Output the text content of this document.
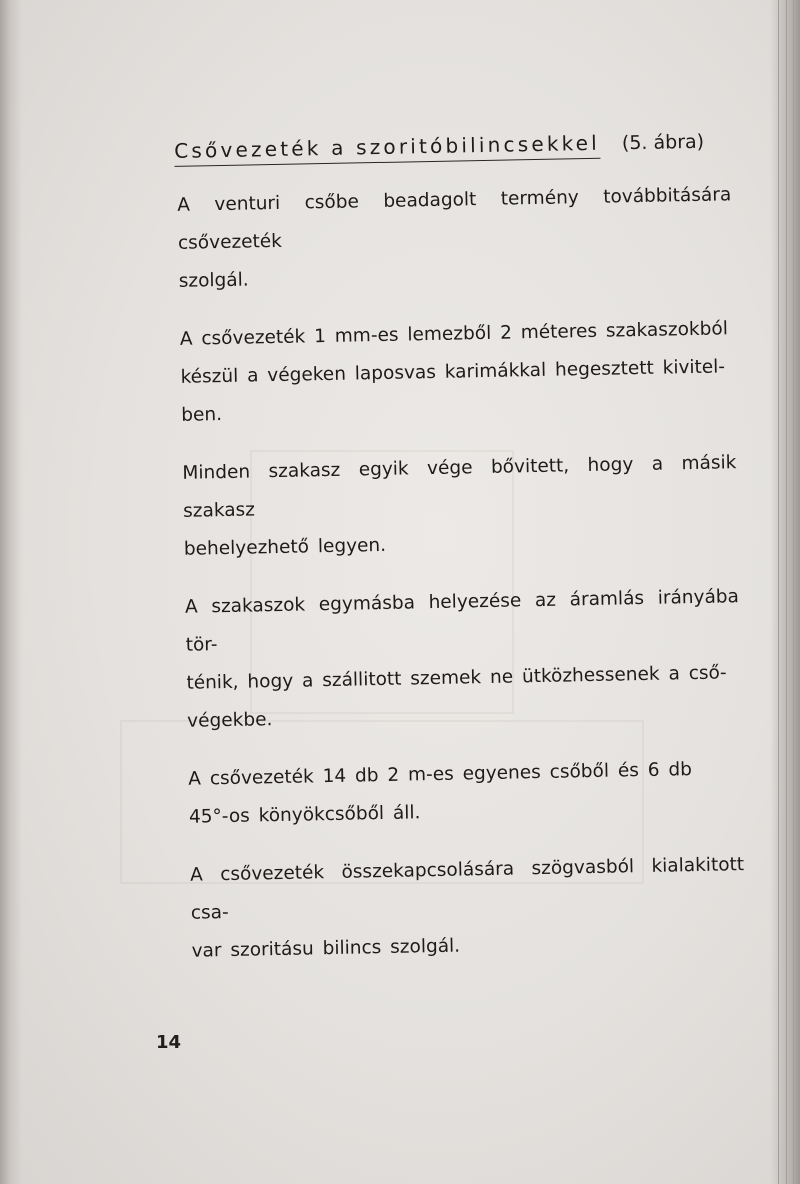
Csővezeték a szoritóbilincsekkel (5. ábra)
A venturi csőbe beadagolt termény továbbitására csővezeték
szolgál.
A csővezeték 1 mm-es lemezből 2 méteres szakaszokból
készül a végeken laposvas karimákkal hegesztett kivitel-
ben.
Minden szakasz egyik vége bővitett, hogy a másik szakasz
behelyezhető legyen.
A szakaszok egymásba helyezése az áramlás irányába tör-
ténik, hogy a szállitott szemek ne ütközhessenek a cső-
végekbe.
A csővezeték 14 db 2 m-es egyenes csőből és 6 db
45°-os könyökcsőből áll.
A csővezeték összekapcsolására szögvasból kialakitott csa-
var szoritásu bilincs szolgál.
14
